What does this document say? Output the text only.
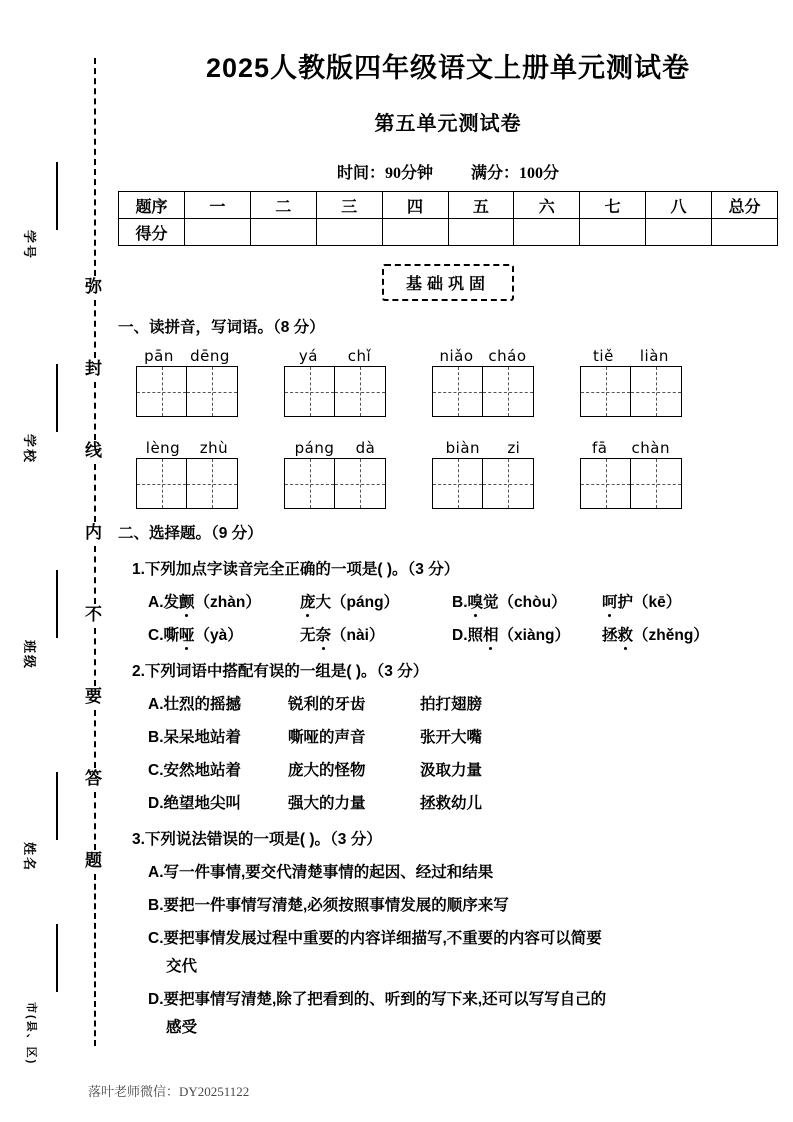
学号
学校
班级
姓名
市(县、区)
弥
封
线
内
不
要
答
题
2025人教版四年级语文上册单元测试卷
第五单元测试卷
时间：90分钟 满分：100分
题序	一	二	三	四	五	六	七	八	总分
得分									
基础巩固
一、读拼音，写词语。（8 分）
pān dēng	yá chǐ	niǎo cháo	tiě liàn
lèng zhù	páng dà	biàn zi	fā chàn
二、选择题。（9 分）
1.下列加点字读音完全正确的一项是( )。（3 分）
A.发颤（zhàn）	庞大（páng）	B.嗅觉（chòu） 呵护（kē）
C.嘶哑（yà）	无奈（nài）	D.照相（xiàng） 拯救（zhěng）
2.下列词语中搭配有误的一组是( )。（3 分）
A.壮烈的摇撼	锐利的牙齿	拍打翅膀
B.呆呆地站着	嘶哑的声音	张开大嘴
C.安然地站着	庞大的怪物	汲取力量
D.绝望地尖叫	强大的力量	拯救幼儿
3.下列说法错误的一项是( )。（3 分）
A.写一件事情,要交代清楚事情的起因、经过和结果
B.要把一件事情写清楚,必须按照事情发展的顺序来写
C.要把事情发展过程中重要的内容详细描写,不重要的内容可以简要
交代
D.要把事情写清楚,除了把看到的、听到的写下来,还可以写写自己的
感受
落叶老师微信：DY20251122
